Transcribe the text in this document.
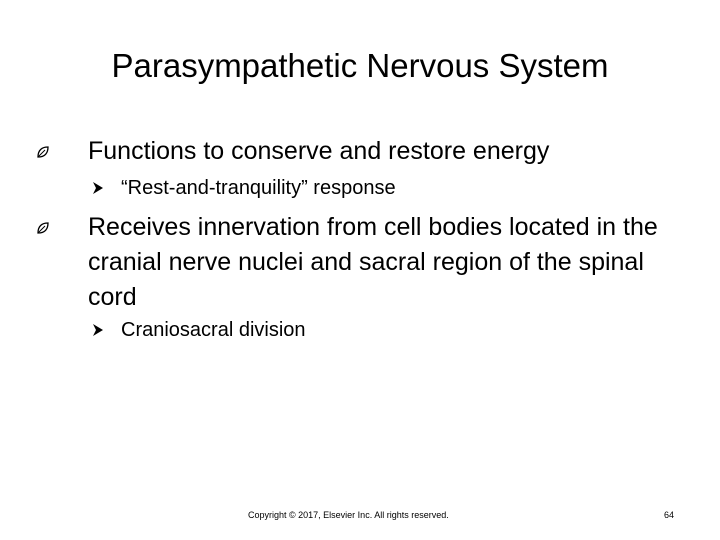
Parasympathetic Nervous System
Functions to conserve and restore energy
“Rest-and-tranquility” response
Receives innervation from cell bodies located in the cranial nerve nuclei and sacral region of the spinal cord
Craniosacral division
Copyright © 2017, Elsevier Inc. All rights reserved.	64
